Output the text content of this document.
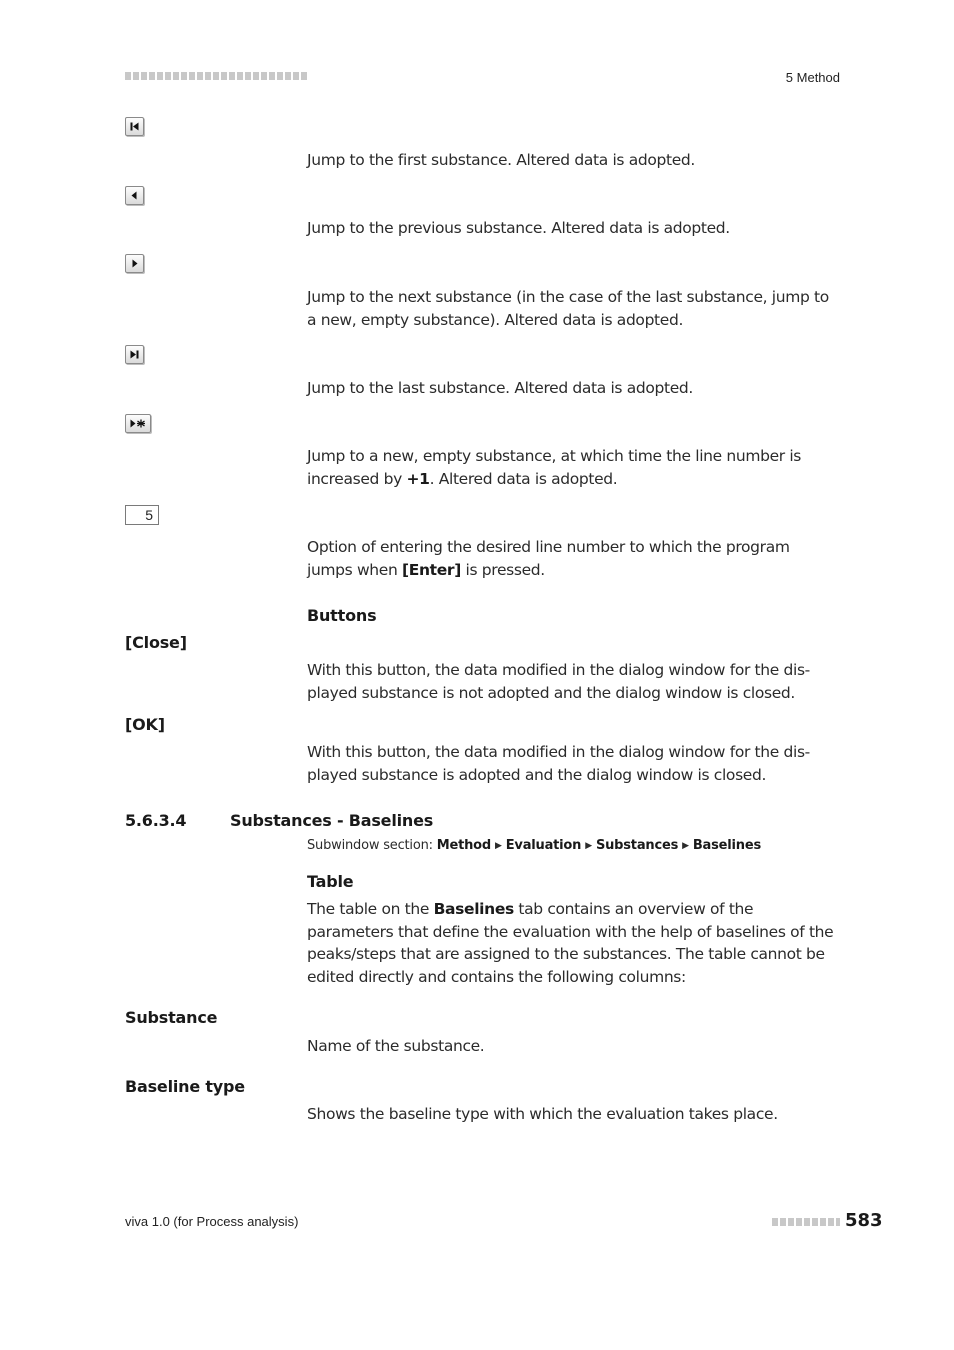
5 Method
Jump to the first substance. Altered data is adopted.
Jump to the previous substance. Altered data is adopted.
Jump to the next substance (in the case of the last substance, jump to a new, empty substance). Altered data is adopted.
Jump to the last substance. Altered data is adopted.
Jump to a new, empty substance, at which time the line number is increased by +1. Altered data is adopted.
5
Option of entering the desired line number to which the program jumps when [Enter] is pressed.
Buttons
[Close]
With this button, the data modified in the dialog window for the dis-played substance is not adopted and the dialog window is closed.
[OK]
With this button, the data modified in the dialog window for the dis-played substance is adopted and the dialog window is closed.
5.6.3.4	Substances - Baselines
Subwindow section: Method ▶ Evaluation ▶ Substances ▶ Baselines
Table
The table on the Baselines tab contains an overview of the parameters that define the evaluation with the help of baselines of the peaks/steps that are assigned to the substances. The table cannot be edited directly and contains the following columns:
Substance
Name of the substance.
Baseline type
Shows the baseline type with which the evaluation takes place.
viva 1.0 (for Process analysis)	583
